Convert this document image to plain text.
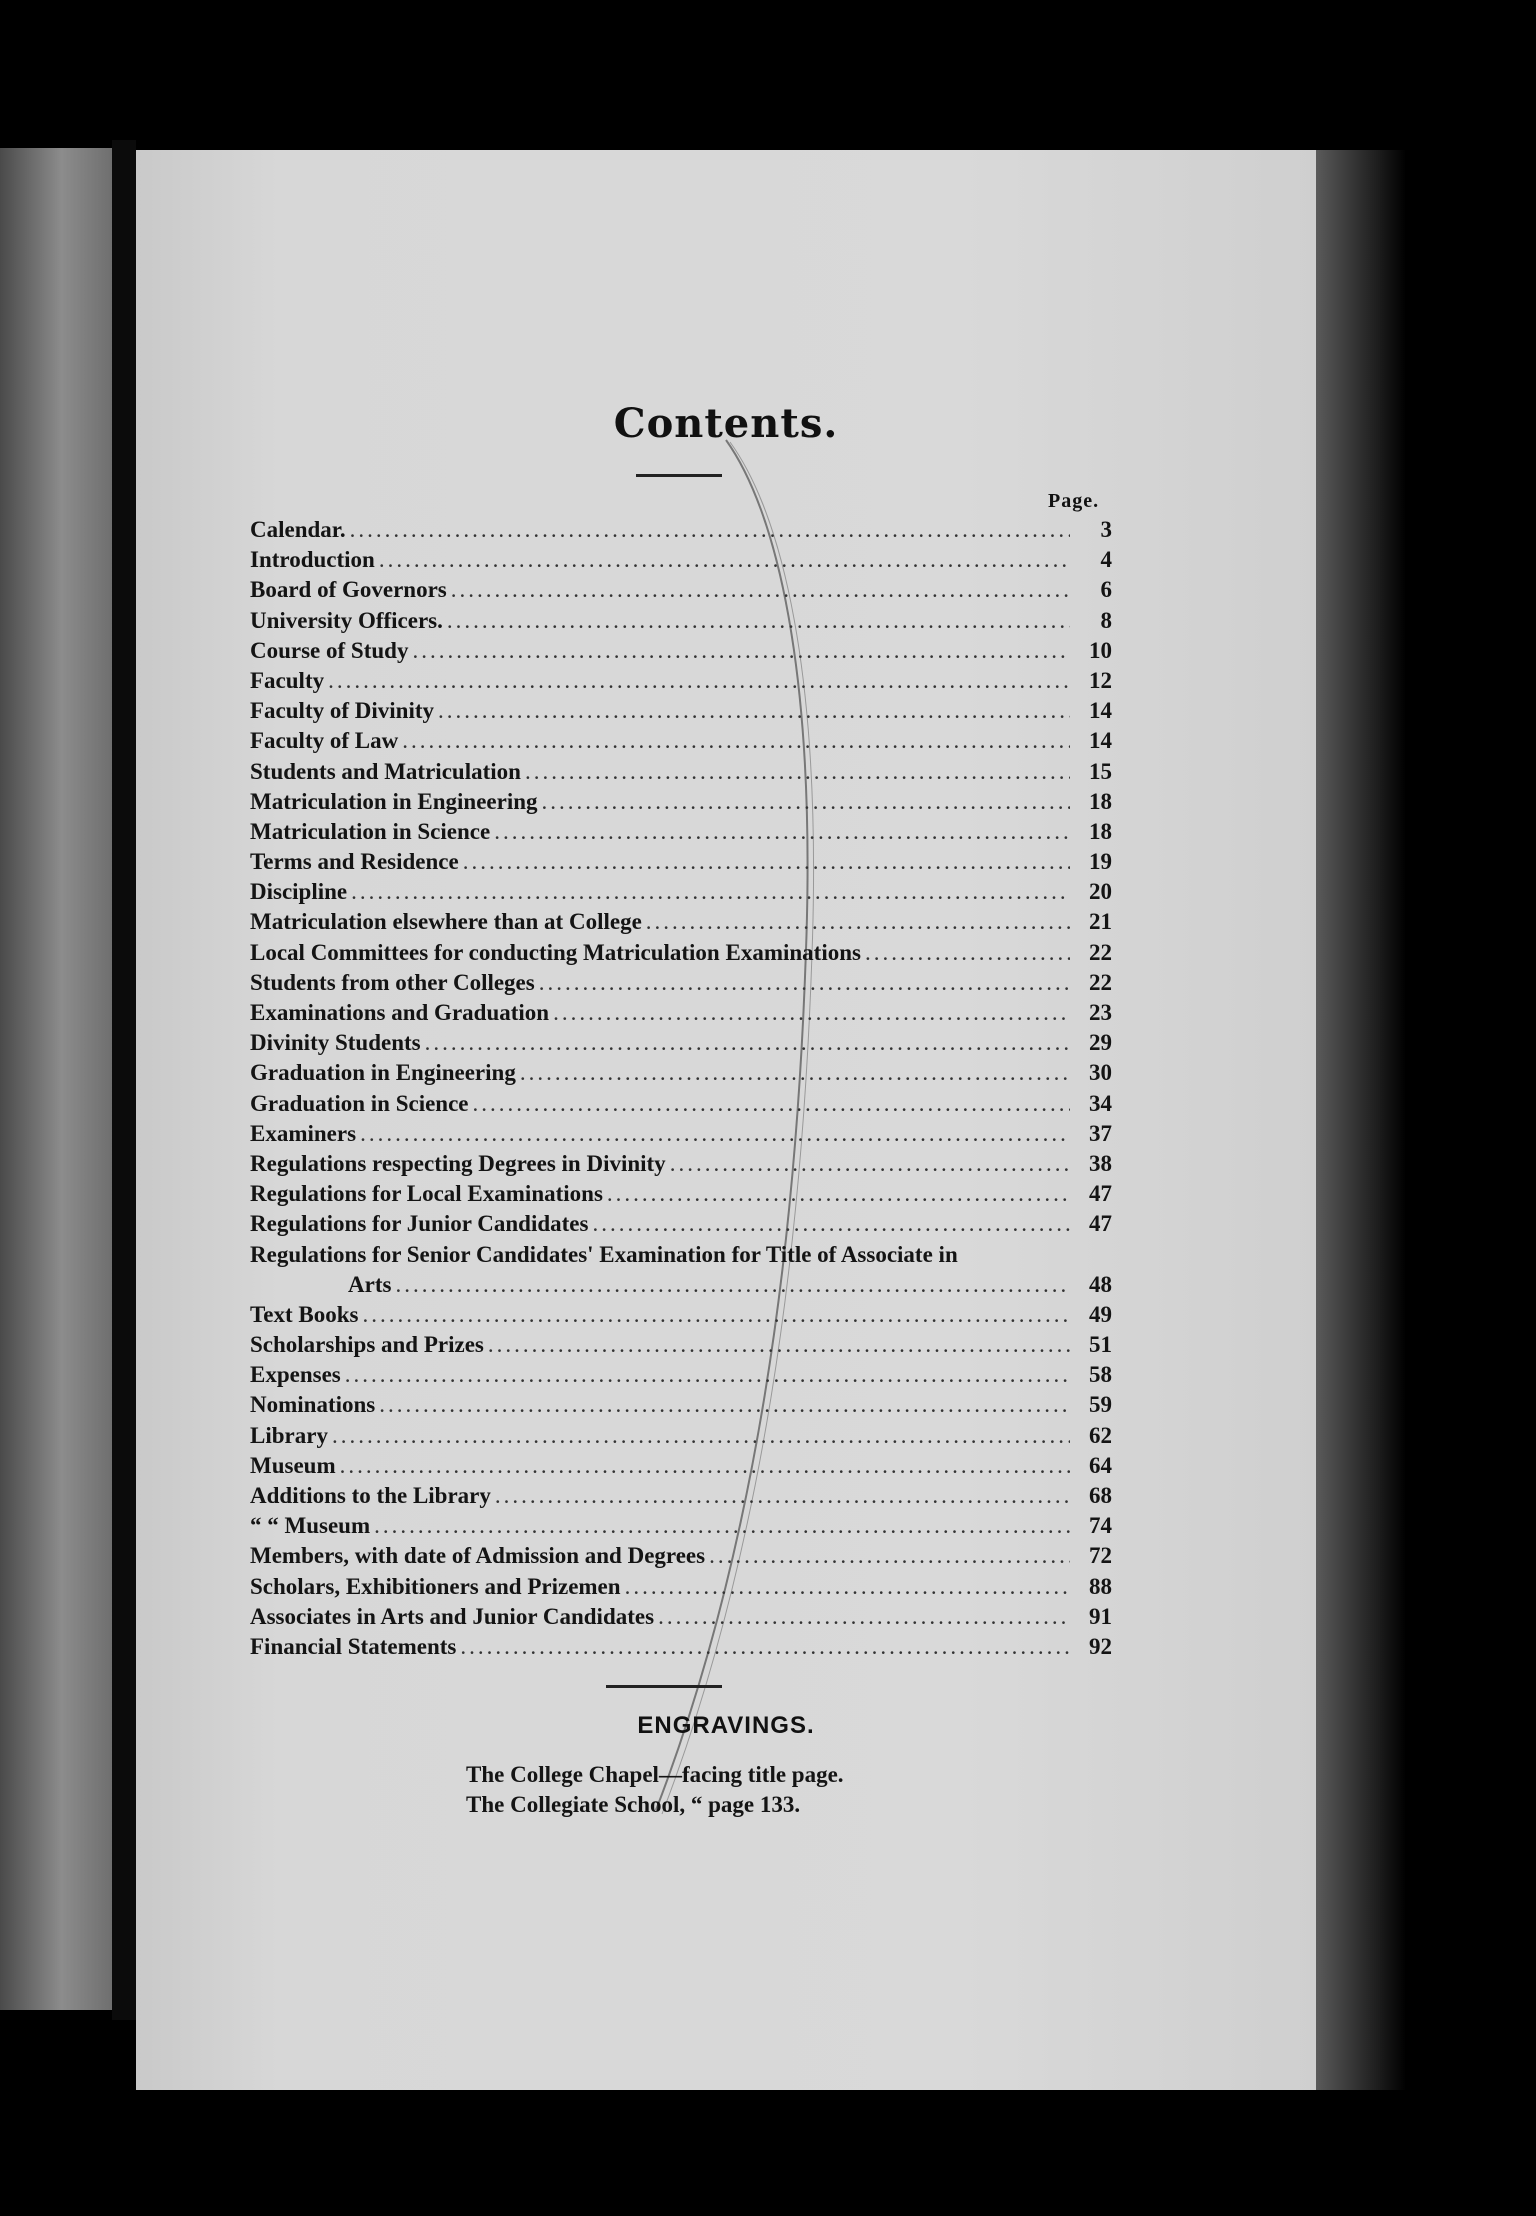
Contents.
Page.
Calendar. .....	3
Introduction .....	4
Board of Governors .....	6
University Officers. .....	8
Course of Study .....	10
Faculty .....	12
Faculty of Divinity .....	14
Faculty of Law .....	14
Students and Matriculation .....	15
Matriculation in Engineering .....	18
Matriculation in Science .....	18
Terms and Residence .....	19
Discipline .....	20
Matriculation elsewhere than at College .....	21
Local Committees for conducting Matriculation Examinations .....	22
Students from other Colleges .....	22
Examinations and Graduation .....	23
Divinity Students .....	29
Graduation in Engineering .....	30
Graduation in Science .....	34
Examiners .....	37
Regulations respecting Degrees in Divinity .....	38
Regulations for Local Examinations .....	47
Regulations for Junior Candidates .....	47
Regulations for Senior Candidates' Examination for Title of Associate in
Arts .....	48
Text Books .....	49
Scholarships and Prizes .....	51
Expenses .....	58
Nominations .....	59
Library .....	62
Museum .....	64
Additions to the Library .....	68
“ “ Museum .....	74
Members, with date of Admission and Degrees .....	72
Scholars, Exhibitioners and Prizemen .....	88
Associates in Arts and Junior Candidates .....	91
Financial Statements .....	92
ENGRAVINGS.
The College Chapel—facing title page.
The Collegiate School, “ page 133.
